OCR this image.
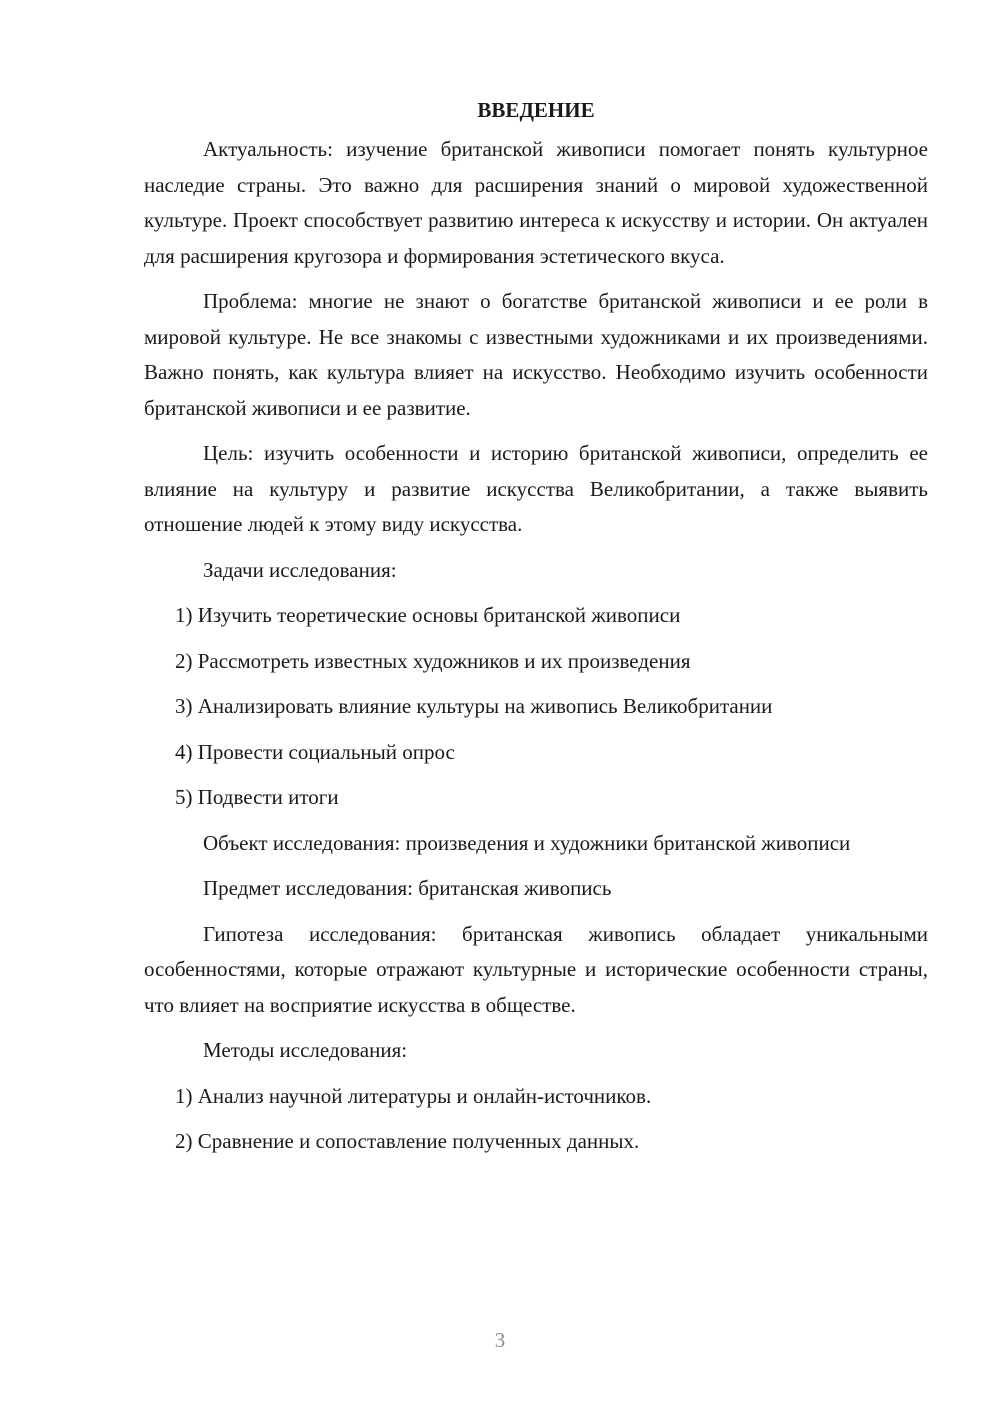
ВВЕДЕНИЕ

Актуальность: изучение британской живописи помогает понять культурное наследие страны. Это важно для расширения знаний о мировой художественной культуре. Проект способствует развитию интереса к искусству и истории. Он актуален для расширения кругозора и формирования эстетического вкуса.

Проблема: многие не знают о богатстве британской живописи и ее роли в мировой культуре. Не все знакомы с известными художниками и их произведениями. Важно понять, как культура влияет на искусство. Необходимо изучить особенности британской живописи и ее развитие.

Цель: изучить особенности и историю британской живописи, определить ее влияние на культуру и развитие искусства Великобритании, а также выявить отношение людей к этому виду искусства.

Задачи исследования:

1) Изучить теоретические основы британской живописи
2) Рассмотреть известных художников и их произведения
3) Анализировать влияние культуры на живопись Великобритании
4) Провести социальный опрос
5) Подвести итоги

Объект исследования: произведения и художники британской живописи

Предмет исследования: британская живопись

Гипотеза исследования: британская живопись обладает уникальными особенностями, которые отражают культурные и исторические особенности страны, что влияет на восприятие искусства в обществе.

Методы исследования:

1) Анализ научной литературы и онлайн-источников.
2) Сравнение и сопоставление полученных данных.
3
